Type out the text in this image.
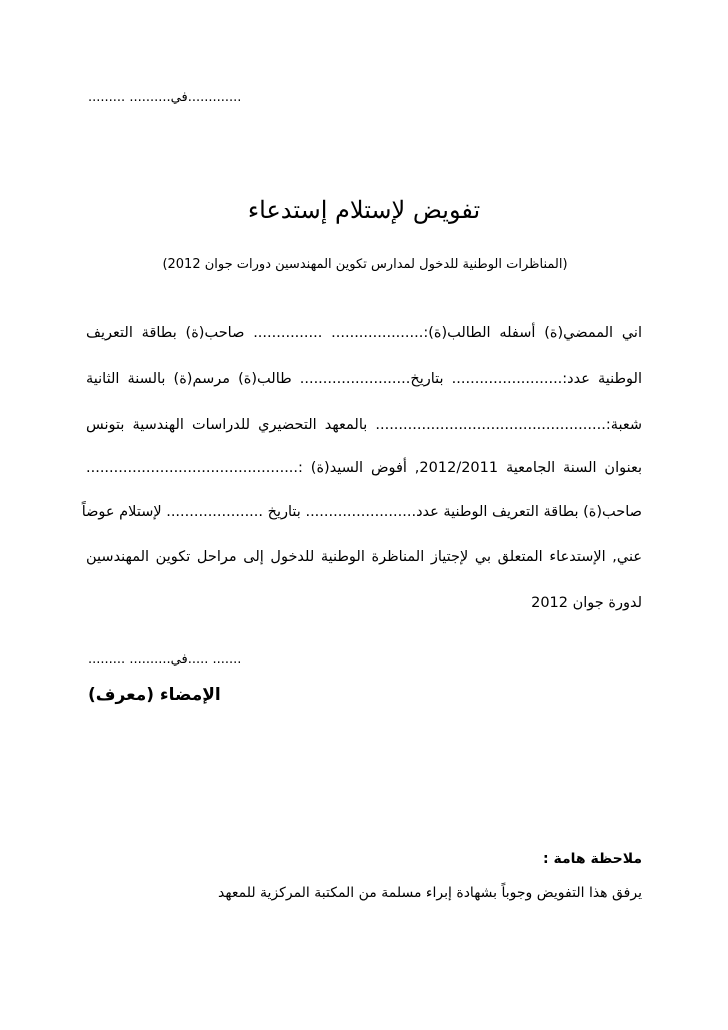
......... ..........في.............
تفويض لإستلام إستدعاء
(المناظرات الوطنية للدخول لمدارس تكوين المهندسين دورات جوان 2012)
اني الممضي(ة) أسفله الطالب(ة):.................... ............... صاحب(ة) بطاقة التعريف
الوطنية عدد:........................ بتاريخ........................ طالب(ة) مرسم(ة) بالسنة الثانية
شعبة:.................................................. بالمعهد التحضيري للدراسات الهندسية بتونس
بعنوان السنة الجامعية 2012/2011, أفوض السيد(ة) :..............................................
صاحب(ة) بطاقة التعريف الوطنية عدد........................ بتاريخ ..................... لإستلام عوضاً
عني, الإستدعاء المتعلق بي لإجتياز المناظرة الوطنية للدخول إلى مراحل تكوين المهندسين
لدورة جوان 2012
......... ..........في..... .......
الإمضاء (معرف)
ملاحظة هامة :
يرفق هذا التفويض وجوباً بشهادة إبراء مسلمة من المكتبة المركزية للمعهد
